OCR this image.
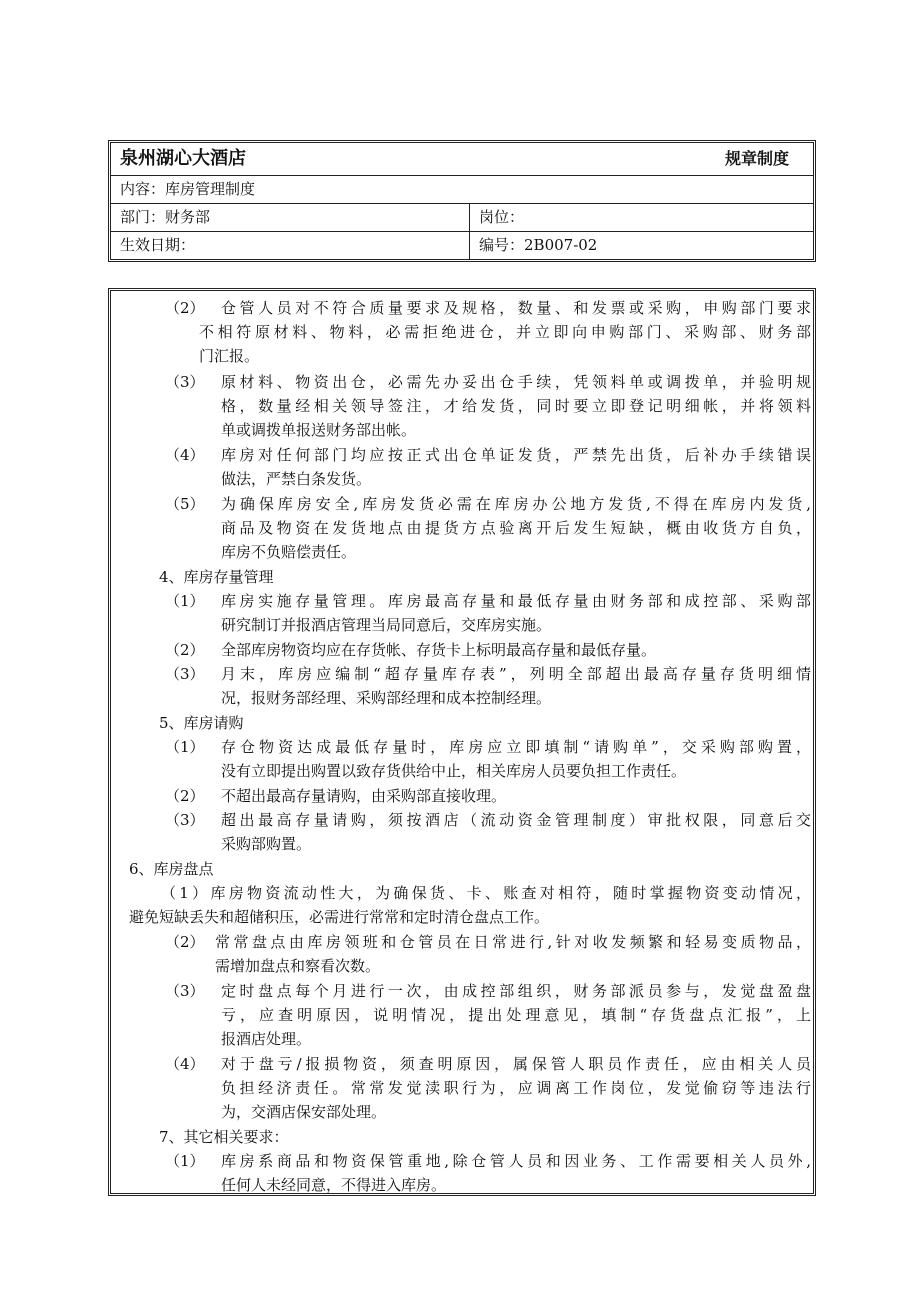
泉州湖心大酒店	规章制度
内容：库房管理制度
部门：财务部	岗位：
生效日期：	编号：2B007-02
（2） 仓管人员对不符合质量要求及规格，数量、和发票或采购，申购部门要求
不相符原材料、物料，必需拒绝进仓，并立即向申购部门、采购部、财务部
门汇报。
（3） 原材料、物资出仓，必需先办妥出仓手续，凭领料单或调拨单，并验明规
格，数量经相关领导签注，才给发货，同时要立即登记明细帐，并将领料
单或调拨单报送财务部出帐。
（4） 库房对任何部门均应按正式出仓单证发货，严禁先出货，后补办手续错误
做法，严禁白条发货。
（5） 为确保库房安全,库房发货必需在库房办公地方发货,不得在库房内发货,
商品及物资在发货地点由提货方点验离开后发生短缺，概由收货方自负，
库房不负赔偿责任。
4、库房存量管理
（1） 库房实施存量管理。库房最高存量和最低存量由财务部和成控部、采购部
研究制订并报酒店管理当局同意后，交库房实施。
（2） 全部库房物资均应在存货帐、存货卡上标明最高存量和最低存量。
（3） 月末，库房应编制“超存量库存表”，列明全部超出最高存量存货明细情
况，报财务部经理、采购部经理和成本控制经理。
5、库房请购
（1） 存仓物资达成最低存量时，库房应立即填制“请购单”，交采购部购置，
没有立即提出购置以致存货供给中止，相关库房人员要负担工作责任。
（2） 不超出最高存量请购，由采购部直接收理。
（3） 超出最高存量请购，须按酒店（流动资金管理制度）审批权限，同意后交
采购部购置。
6、库房盘点
（1）库房物资流动性大，为确保货、卡、账查对相符，随时掌握物资变动情况，
避免短缺丢失和超储积压，必需进行常常和定时清仓盘点工作。
（2） 常常盘点由库房领班和仓管员在日常进行,针对收发频繁和轻易变质物品，
需增加盘点和察看次数。
（3） 定时盘点每个月进行一次，由成控部组织，财务部派员参与，发觉盘盈盘
亏，应查明原因，说明情况，提出处理意见，填制“存货盘点汇报”，上
报酒店处理。
（4） 对于盘亏/报损物资，须查明原因，属保管人职员作责任，应由相关人员
负担经济责任。常常发觉渎职行为，应调离工作岗位，发觉偷窃等违法行
为，交酒店保安部处理。
7、其它相关要求：
（1） 库房系商品和物资保管重地,除仓管人员和因业务、工作需要相关人员外,
任何人未经同意，不得进入库房。
